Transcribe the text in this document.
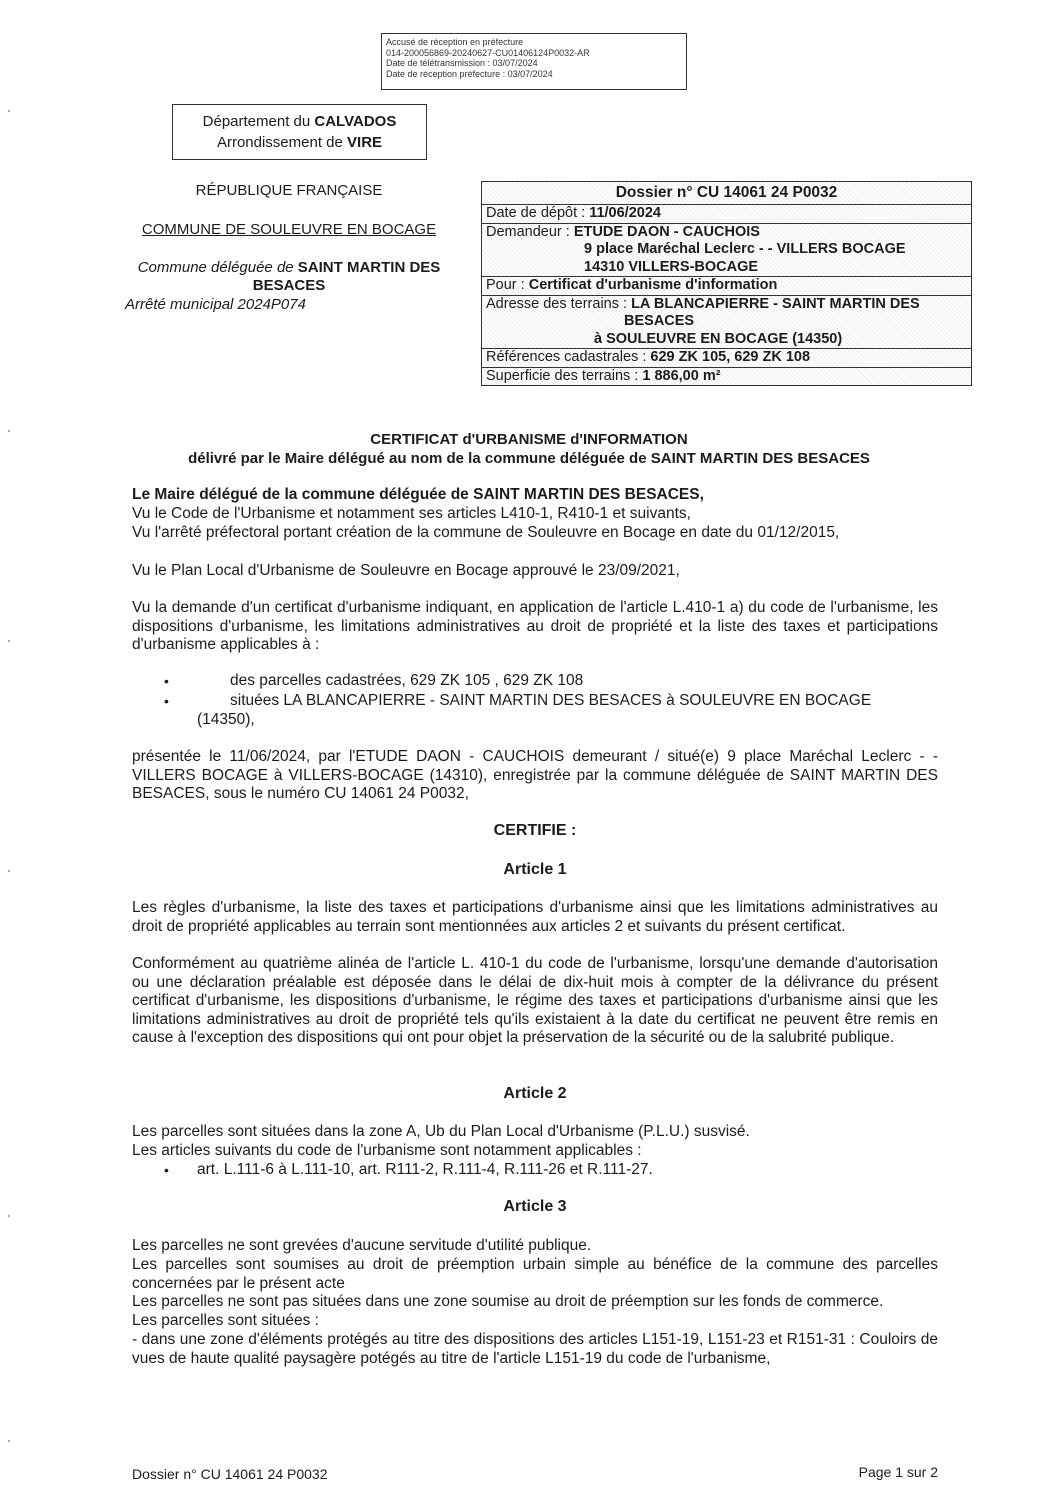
Accusé de réception en préfecture
014-200056869-20240627-CU01406124P0032-AR
Date de télétransmission : 03/07/2024
Date de réception préfecture : 03/07/2024
Département du CALVADOS
Arrondissement de VIRE
RÉPUBLIQUE FRANÇAISE
COMMUNE DE SOULEUVRE EN BOCAGE
Commune déléguée de SAINT MARTIN DES
BESACES
Arrêté municipal 2024P074
Dossier n° CU 14061 24 P0032
Date de dépôt : 11/06/2024
Demandeur : ETUDE DAON - CAUCHOIS
9 place Maréchal Leclerc - - VILLERS BOCAGE
14310 VILLERS-BOCAGE
Pour : Certificat d'urbanisme d'information
Adresse des terrains : LA BLANCAPIERRE - SAINT MARTIN DES
BESACES
à SOULEUVRE EN BOCAGE (14350)
Références cadastrales : 629 ZK 105, 629 ZK 108
Superficie des terrains : 1 886,00 m²
CERTIFICAT d'URBANISME d'INFORMATION
délivré par le Maire délégué au nom de la commune déléguée de SAINT MARTIN DES BESACES
Le Maire délégué de la commune déléguée de SAINT MARTIN DES BESACES,
Vu le Code de l'Urbanisme et notamment ses articles L410-1, R410-1 et suivants,
Vu l'arrêté préfectoral portant création de la commune de Souleuvre en Bocage en date du 01/12/2015,
Vu le Plan Local d'Urbanisme de Souleuvre en Bocage approuvé le 23/09/2021,
Vu la demande d'un certificat d'urbanisme indiquant, en application de l'article L.410-1 a) du code de l'urbanisme, les dispositions d'urbanisme, les limitations administratives au droit de propriété et la liste des taxes et participations d'urbanisme applicables à :
•	des parcelles cadastrées, 629 ZK 105 , 629 ZK 108
•	situées LA BLANCAPIERRE - SAINT MARTIN DES BESACES à SOULEUVRE EN BOCAGE
(14350),
présentée le 11/06/2024, par l'ETUDE DAON - CAUCHOIS demeurant / situé(e) 9 place Maréchal Leclerc - - VILLERS BOCAGE à VILLERS-BOCAGE (14310), enregistrée par la commune déléguée de SAINT MARTIN DES BESACES, sous le numéro CU 14061 24 P0032,
CERTIFIE :
Article 1
Les règles d'urbanisme, la liste des taxes et participations d'urbanisme ainsi que les limitations administratives au droit de propriété applicables au terrain sont mentionnées aux articles 2 et suivants du présent certificat.
Conformément au quatrième alinéa de l'article L. 410-1 du code de l'urbanisme, lorsqu'une demande d'autorisation ou une déclaration préalable est déposée dans le délai de dix-huit mois à compter de la délivrance du présent certificat d'urbanisme, les dispositions d'urbanisme, le régime des taxes et participations d'urbanisme ainsi que les limitations administratives au droit de propriété tels qu'ils existaient à la date du certificat ne peuvent être remis en cause à l'exception des dispositions qui ont pour objet la préservation de la sécurité ou de la salubrité publique.
Article 2
Les parcelles sont situées dans la zone A, Ub du Plan Local d'Urbanisme (P.L.U.) susvisé.
Les articles suivants du code de l'urbanisme sont notamment applicables :
• art. L.111-6 à L.111-10, art. R111-2, R.111-4, R.111-26 et R.111-27.
Article 3
Les parcelles ne sont grevées d'aucune servitude d'utilité publique.
Les parcelles sont soumises au droit de préemption urbain simple au bénéfice de la commune des parcelles concernées par le présent acte
Les parcelles ne sont pas situées dans une zone soumise au droit de préemption sur les fonds de commerce.
Les parcelles sont situées :
- dans une zone d'éléments protégés au titre des dispositions des articles L151-19, L151-23 et R151-31 : Couloirs de vues de haute qualité paysagère potégés au titre de l'article L151-19 du code de l'urbanisme,
Dossier n° CU 14061 24 P0032	Page 1 sur 2
